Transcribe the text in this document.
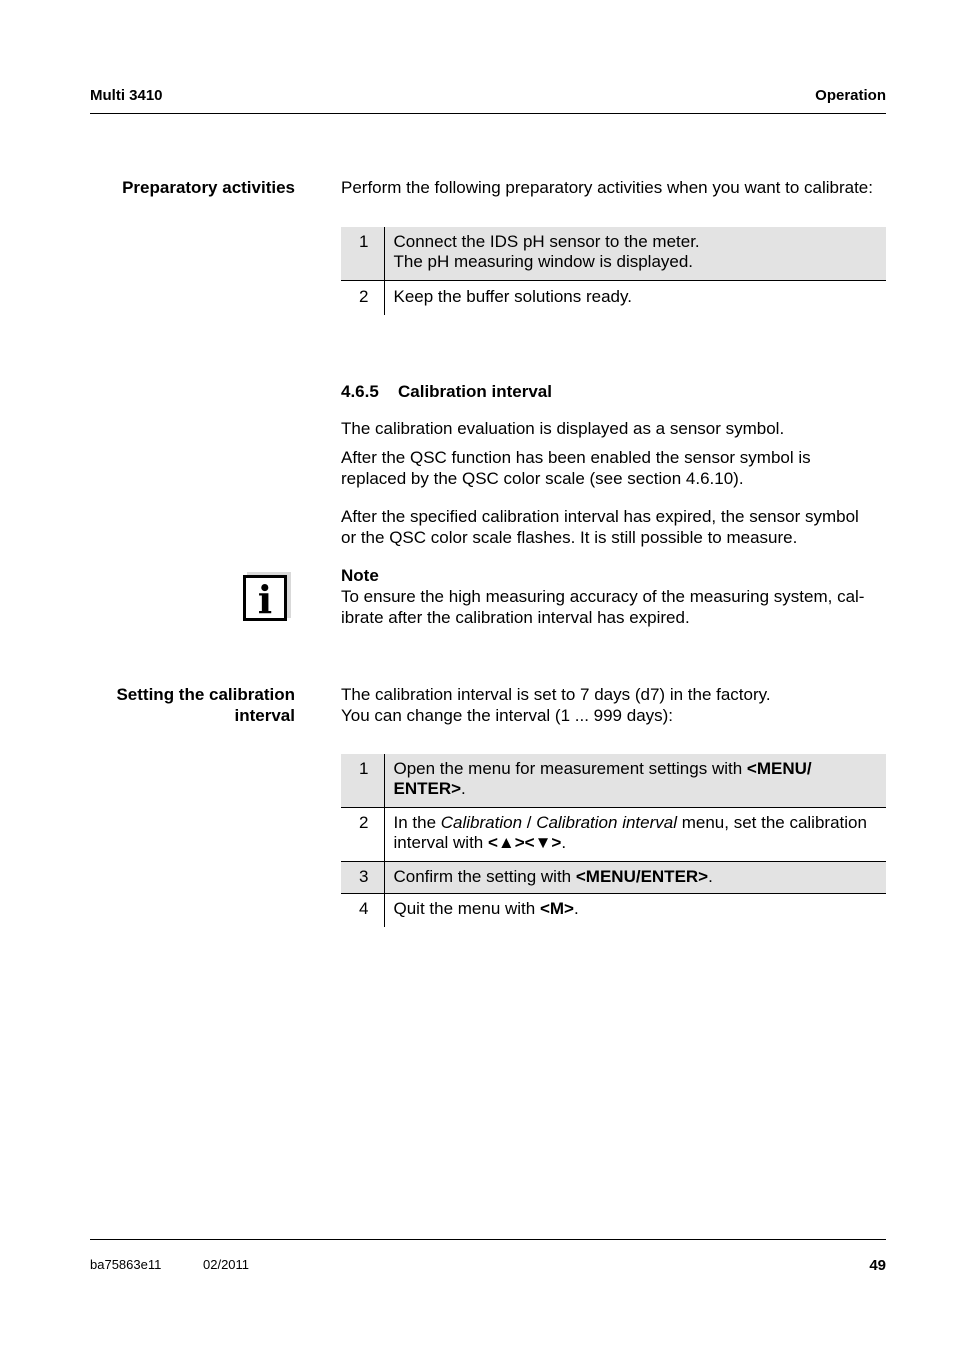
Multi 3410	Operation
Preparatory activities	Perform the following preparatory activities when you want to calibrate:
1	Connect the IDS pH sensor to the meter.
The pH measuring window is displayed.

2	Keep the buffer solutions ready.
4.6.5 Calibration interval
The calibration evaluation is displayed as a sensor symbol.
After the QSC function has been enabled the sensor symbol is
replaced by the QSC color scale (see section 4.6.10).
After the specified calibration interval has expired, the sensor symbol
or the QSC color scale flashes. It is still possible to measure.
i
Note
To ensure the high measuring accuracy of the measuring system, cal-
ibrate after the calibration interval has expired.
Setting the calibration
interval
The calibration interval is set to 7 days (d7) in the factory.
You can change the interval (1 ... 999 days):
1	Open the menu for measurement settings with <MENU/
ENTER>.

2	In the Calibration / Calibration interval menu, set the calibration
interval with <▲><▼>.

3	Confirm the setting with <MENU/ENTER>.

4	Quit the menu with <M>.
ba75863e11	02/2011	49
